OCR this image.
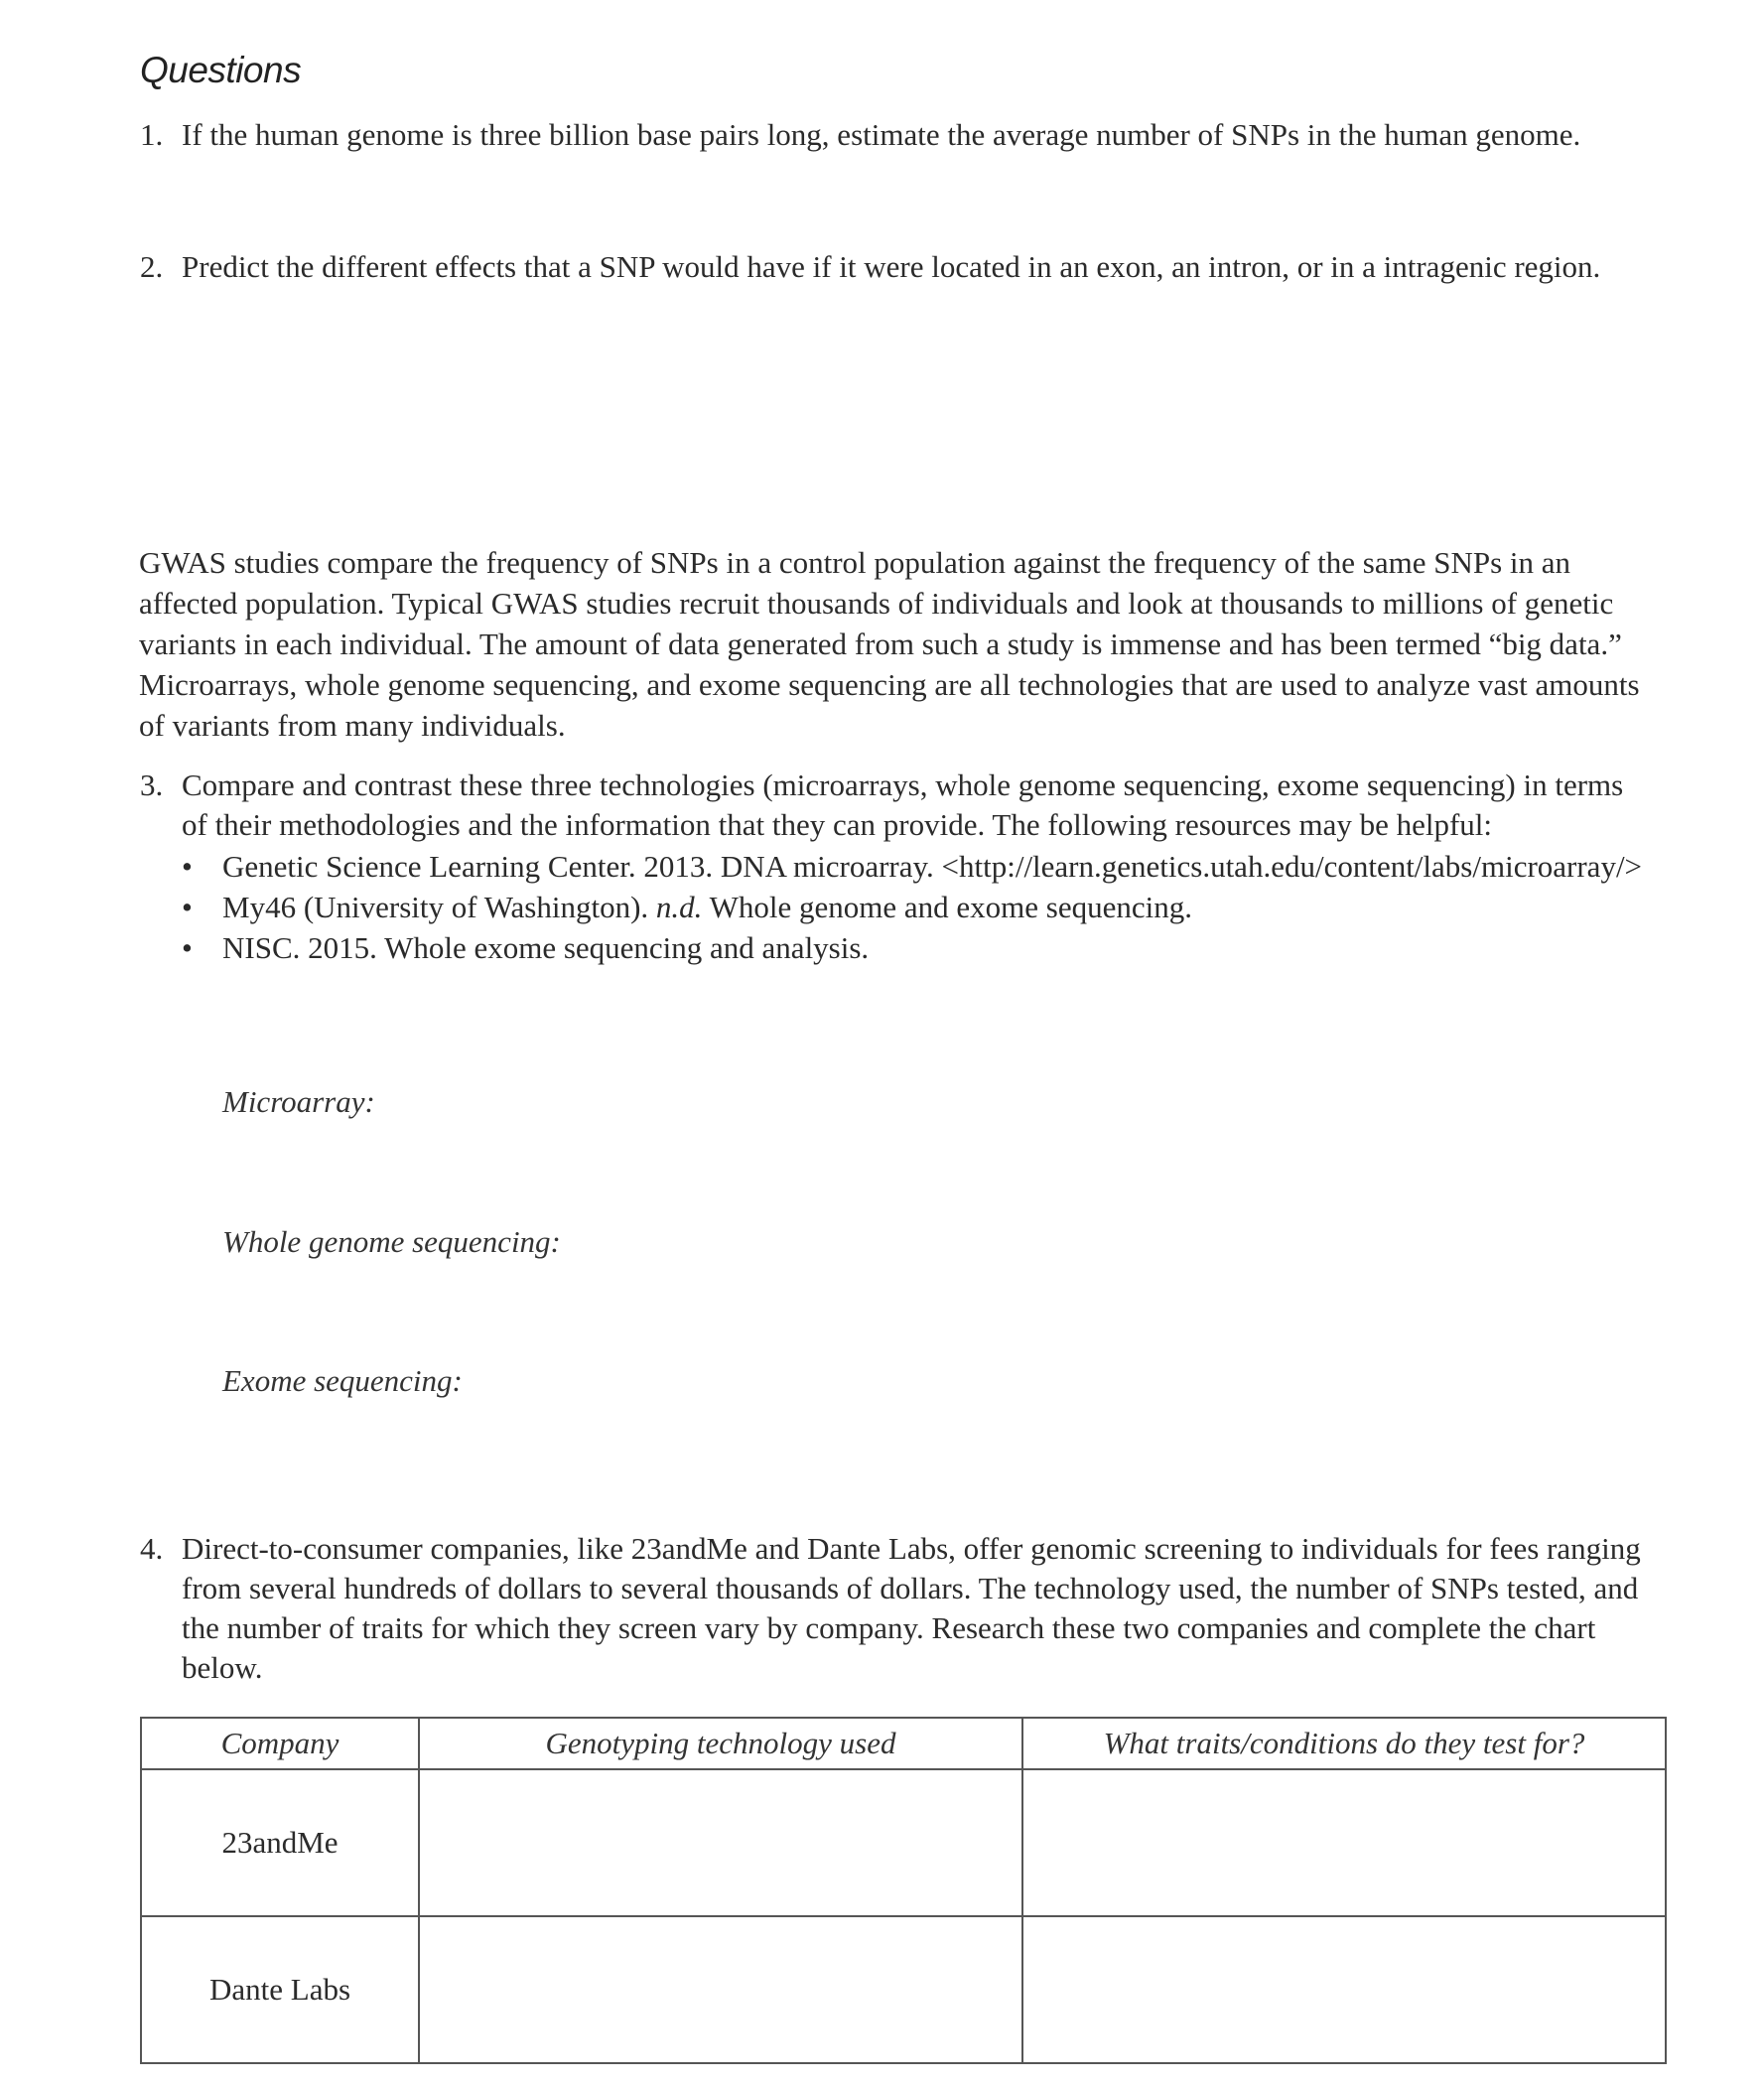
Questions
1. If the human genome is three billion base pairs long, estimate the average number of SNPs in the human genome.
2. Predict the different effects that a SNP would have if it were located in an exon, an intron, or in a intragenic region.
GWAS studies compare the frequency of SNPs in a control population against the frequency of the same SNPs in an affected population. Typical GWAS studies recruit thousands of individuals and look at thousands to millions of genetic variants in each individual. The amount of data generated from such a study is immense and has been termed “big data.” Microarrays, whole genome sequencing, and exome sequencing are all technologies that are used to analyze vast amounts of variants from many individuals.
3. Compare and contrast these three technologies (microarrays, whole genome sequencing, exome sequencing) in terms of their methodologies and the information that they can provide. The following resources may be helpful:
• Genetic Science Learning Center. 2013. DNA microarray. <http://learn.genetics.utah.edu/content/labs/microarray/>
• My46 (University of Washington). n.d. Whole genome and exome sequencing.
• NISC. 2015. Whole exome sequencing and analysis.
Microarray:
Whole genome sequencing:
Exome sequencing:
4. Direct-to-consumer companies, like 23andMe and Dante Labs, offer genomic screening to individuals for fees ranging from several hundreds of dollars to several thousands of dollars. The technology used, the number of SNPs tested, and the number of traits for which they screen vary by company. Research these two companies and complete the chart below.
Company	Genotyping technology used	What traits/conditions do they test for?
23andMe		
Dante Labs		
